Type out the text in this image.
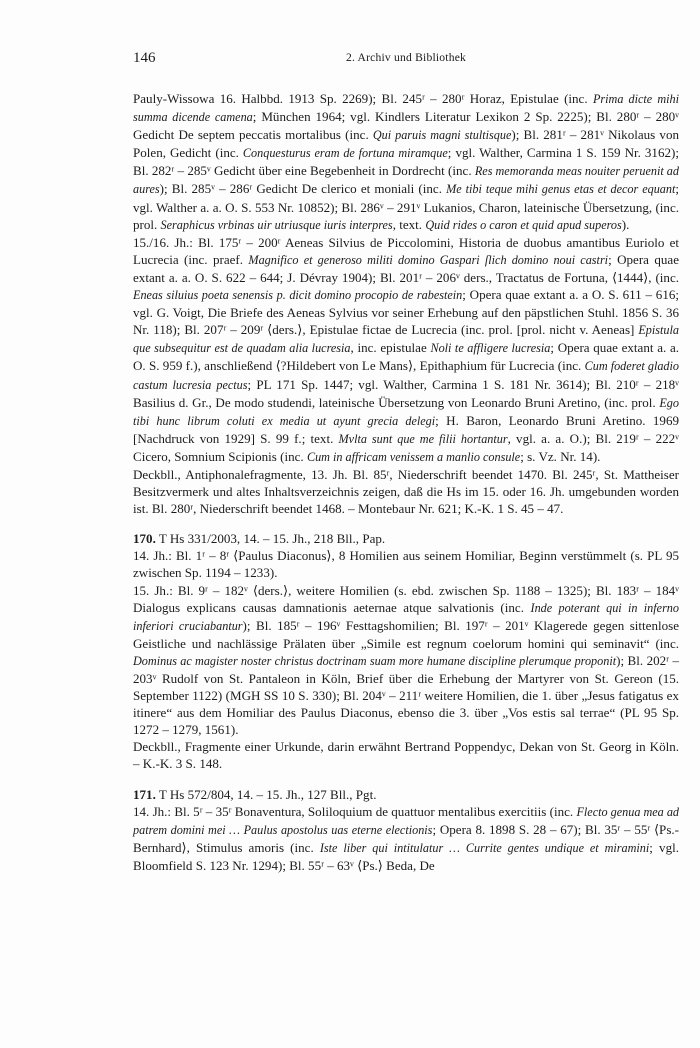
146	2. Archiv und Bibliothek

Pauly-Wissowa 16. Halbbd. 1913 Sp. 2269); Bl. 245ʳ – 280ʳ Horaz, Epistulae (inc. Prima dicte mihi summa dicende camena; München 1964; vgl. Kindlers Literatur Lexikon 2 Sp. 2225); Bl. 280ʳ – 280ᵛ Gedicht De septem peccatis mortalibus (inc. Qui paruis magni stultisque); Bl. 281ʳ – 281ᵛ Nikolaus von Polen, Gedicht (inc. Conquesturus eram de fortuna miramque; vgl. Walther, Carmina 1 S. 159 Nr. 3162); Bl. 282ʳ – 285ᵛ Gedicht über eine Begebenheit in Dordrecht (inc. Res memoranda meas nouiter peruenit ad aures); Bl. 285ᵛ – 286ʳ Gedicht De clerico et moniali (inc. Me tibi teque mihi genus etas et decor equant; vgl. Walther a. a. O. S. 553 Nr. 10852); Bl. 286ᵛ – 291ᵛ Lukanios, Charon, lateinische Übersetzung, (inc. prol. Seraphicus vrbinas uir utriusque iuris interpres, text. Quid rides o caron et quid apud superos).

15./16. Jh.: Bl. 175ʳ – 200ʳ Aeneas Silvius de Piccolomini, Historia de duobus amantibus Euriolo et Lucrecia (inc. praef. Magnifico et generoso militi domino Gaspari ſlich domino noui castri; Opera quae extant a. a. O. S. 622 – 644; J. Dévray 1904); Bl. 201ʳ – 206ᵛ ders., Tractatus de Fortuna, ⟨1444⟩, (inc. Eneas siluius poeta senensis p. dicit domino procopio de rabestein; Opera quae extant a. a O. S. 611 – 616; vgl. G. Voigt, Die Briefe des Aeneas Sylvius vor seiner Erhebung auf den päpstlichen Stuhl. 1856 S. 36 Nr. 118); Bl. 207ʳ – 209ʳ ⟨ders.⟩, Epistulae fictae de Lucrecia (inc. prol. [prol. nicht v. Aeneas] Epistula que subsequitur est de quadam alia lucresia, inc. epistulae Noli te affligere lucresia; Opera quae extant a. a. O. S. 959 f.), anschließend ⟨?Hildebert von Le Mans⟩, Epithaphium für Lucrecia (inc. Cum foderet gladio castum lucresia pectus; PL 171 Sp. 1447; vgl. Walther, Carmina 1 S. 181 Nr. 3614); Bl. 210ʳ – 218ᵛ Basilius d. Gr., De modo studendi, lateinische Übersetzung von Leonardo Bruni Aretino, (inc. prol. Ego tibi hunc librum coluti ex media ut ayunt grecia delegi; H. Baron, Leonardo Bruni Aretino. 1969 [Nachdruck von 1929] S. 99 f.; text. Mvlta sunt que me filii hortantur, vgl. a. a. O.); Bl. 219ʳ – 222ᵛ Cicero, Somnium Scipionis (inc. Cum in affricam venissem a manlio consule; s. Vz. Nr. 14).

Deckbll., Antiphonalefragmente, 13. Jh. Bl. 85ʳ, Niederschrift beendet 1470. Bl. 245ʳ, St. Mattheiser Besitzvermerk und altes Inhaltsverzeichnis zeigen, daß die Hs im 15. oder 16. Jh. umgebunden worden ist. Bl. 280ʳ, Niederschrift beendet 1468. – Montebaur Nr. 621; K.-K. 1 S. 45 – 47.

170. T Hs 331/2003, 14. – 15. Jh., 218 Bll., Pap.

14. Jh.: Bl. 1ʳ – 8ʳ ⟨Paulus Diaconus⟩, 8 Homilien aus seinem Homiliar, Beginn verstümmelt (s. PL 95 zwischen Sp. 1194 – 1233).

15. Jh.: Bl. 9ʳ – 182ᵛ ⟨ders.⟩, weitere Homilien (s. ebd. zwischen Sp. 1188 – 1325); Bl. 183ʳ – 184ᵛ Dialogus explicans causas damnationis aeternae atque salvationis (inc. Inde poterant qui in inferno inferiori cruciabantur); Bl. 185ʳ – 196ᵛ Festtagshomilien; Bl. 197ʳ – 201ᵛ Klagerede gegen sittenlose Geistliche und nachlässige Prälaten über „Simile est regnum coelorum homini qui seminavit“ (inc. Dominus ac magister noster christus doctrinam suam more humane discipline plerumque proponit); Bl. 202ʳ – 203ᵛ Rudolf von St. Pantaleon in Köln, Brief über die Erhebung der Martyrer von St. Gereon (15. September 1122) (MGH SS 10 S. 330); Bl. 204ᵛ – 211ʳ weitere Homilien, die 1. über „Jesus fatigatus ex itinere“ aus dem Homiliar des Paulus Diaconus, ebenso die 3. über „Vos estis sal terrae“ (PL 95 Sp. 1272 – 1279, 1561).

Deckbll., Fragmente einer Urkunde, darin erwähnt Bertrand Poppendyc, Dekan von St. Georg in Köln. – K.-K. 3 S. 148.

171. T Hs 572/804, 14. – 15. Jh., 127 Bll., Pgt.

14. Jh.: Bl. 5ʳ – 35ʳ Bonaventura, Soliloquium de quattuor mentalibus exercitiis (inc. Flecto genua mea ad patrem domini mei … Paulus apostolus uas eterne electionis; Opera 8. 1898 S. 28 – 67); Bl. 35ʳ – 55ʳ ⟨Ps.-Bernhard⟩, Stimulus amoris (inc. Iste liber qui intitulatur … Currite gentes undique et miramini; vgl. Bloomfield S. 123 Nr. 1294); Bl. 55ʳ – 63ᵛ ⟨Ps.⟩ Beda, De
